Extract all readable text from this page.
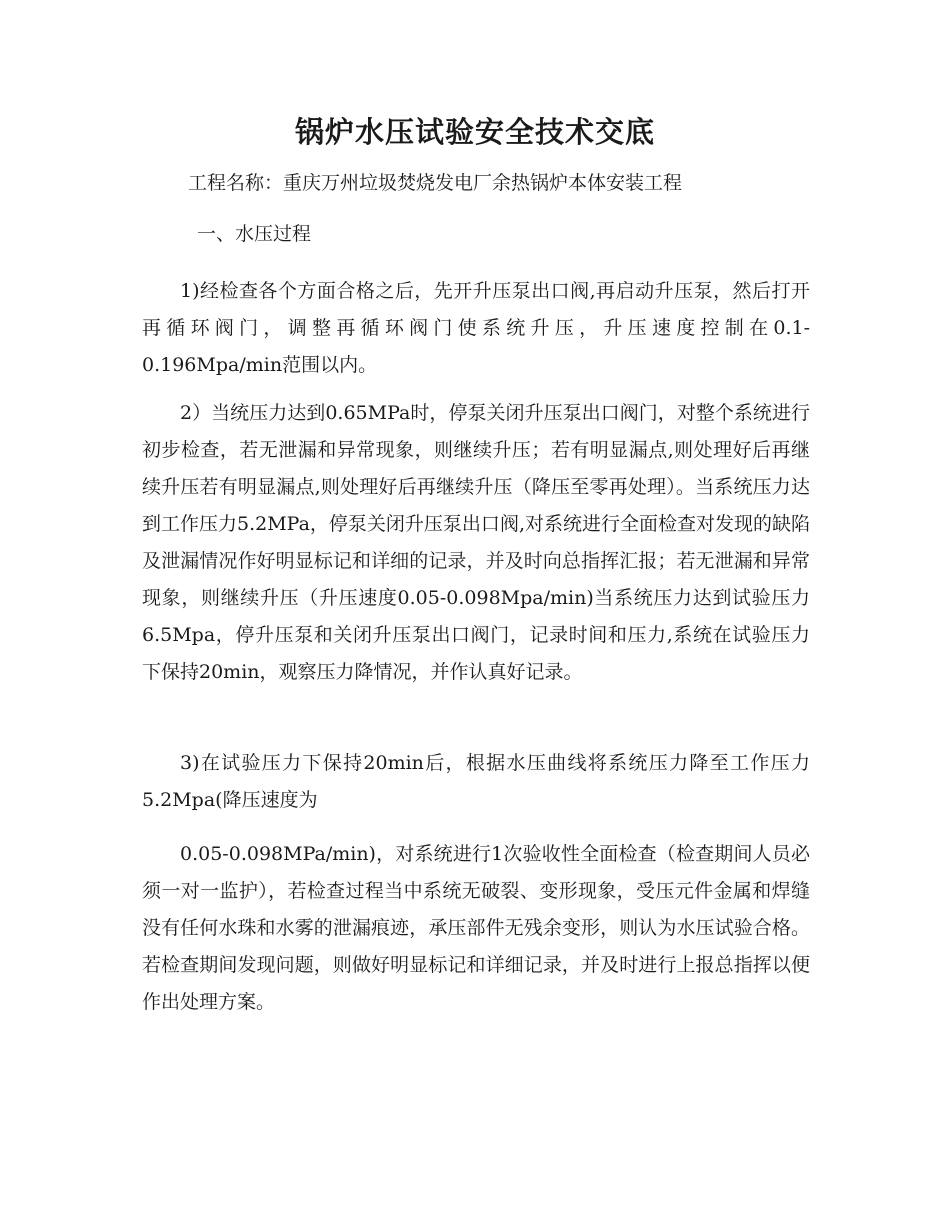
锅炉水压试验安全技术交底

工程名称：重庆万州垃圾焚烧发电厂余热锅炉本体安装工程

一、水压过程

1)经检查各个方面合格之后，先开升压泵出口阀,再启动升压泵，然后打开再循环阀门，调整再循环阀门使系统升压，升压速度控制在0.1-0.196Mpa/min范围以内。

2）当统压力达到0.65MPa时，停泵关闭升压泵出口阀门，对整个系统进行初步检查，若无泄漏和异常现象，则继续升压；若有明显漏点,则处理好后再继续升压若有明显漏点,则处理好后再继续升压（降压至零再处理）。当系统压力达到工作压力5.2MPa，停泵关闭升压泵出口阀,对系统进行全面检查对发现的缺陷及泄漏情况作好明显标记和详细的记录，并及时向总指挥汇报；若无泄漏和异常现象，则继续升压（升压速度0.05-0.098Mpa/min)当系统压力达到试验压力6.5Mpa，停升压泵和关闭升压泵出口阀门，记录时间和压力,系统在试验压力下保持20min，观察压力降情况，并作认真好记录。

3)在试验压力下保持20min后，根据水压曲线将系统压力降至工作压力5.2Mpa(降压速度为

0.05-0.098MPa/min)，对系统进行1次验收性全面检查（检查期间人员必须一对一监护），若检查过程当中系统无破裂、变形现象，受压元件金属和焊缝没有任何水珠和水雾的泄漏痕迹，承压部件无残余变形，则认为水压试验合格。若检查期间发现问题，则做好明显标记和详细记录，并及时进行上报总指挥以便作出处理方案。
